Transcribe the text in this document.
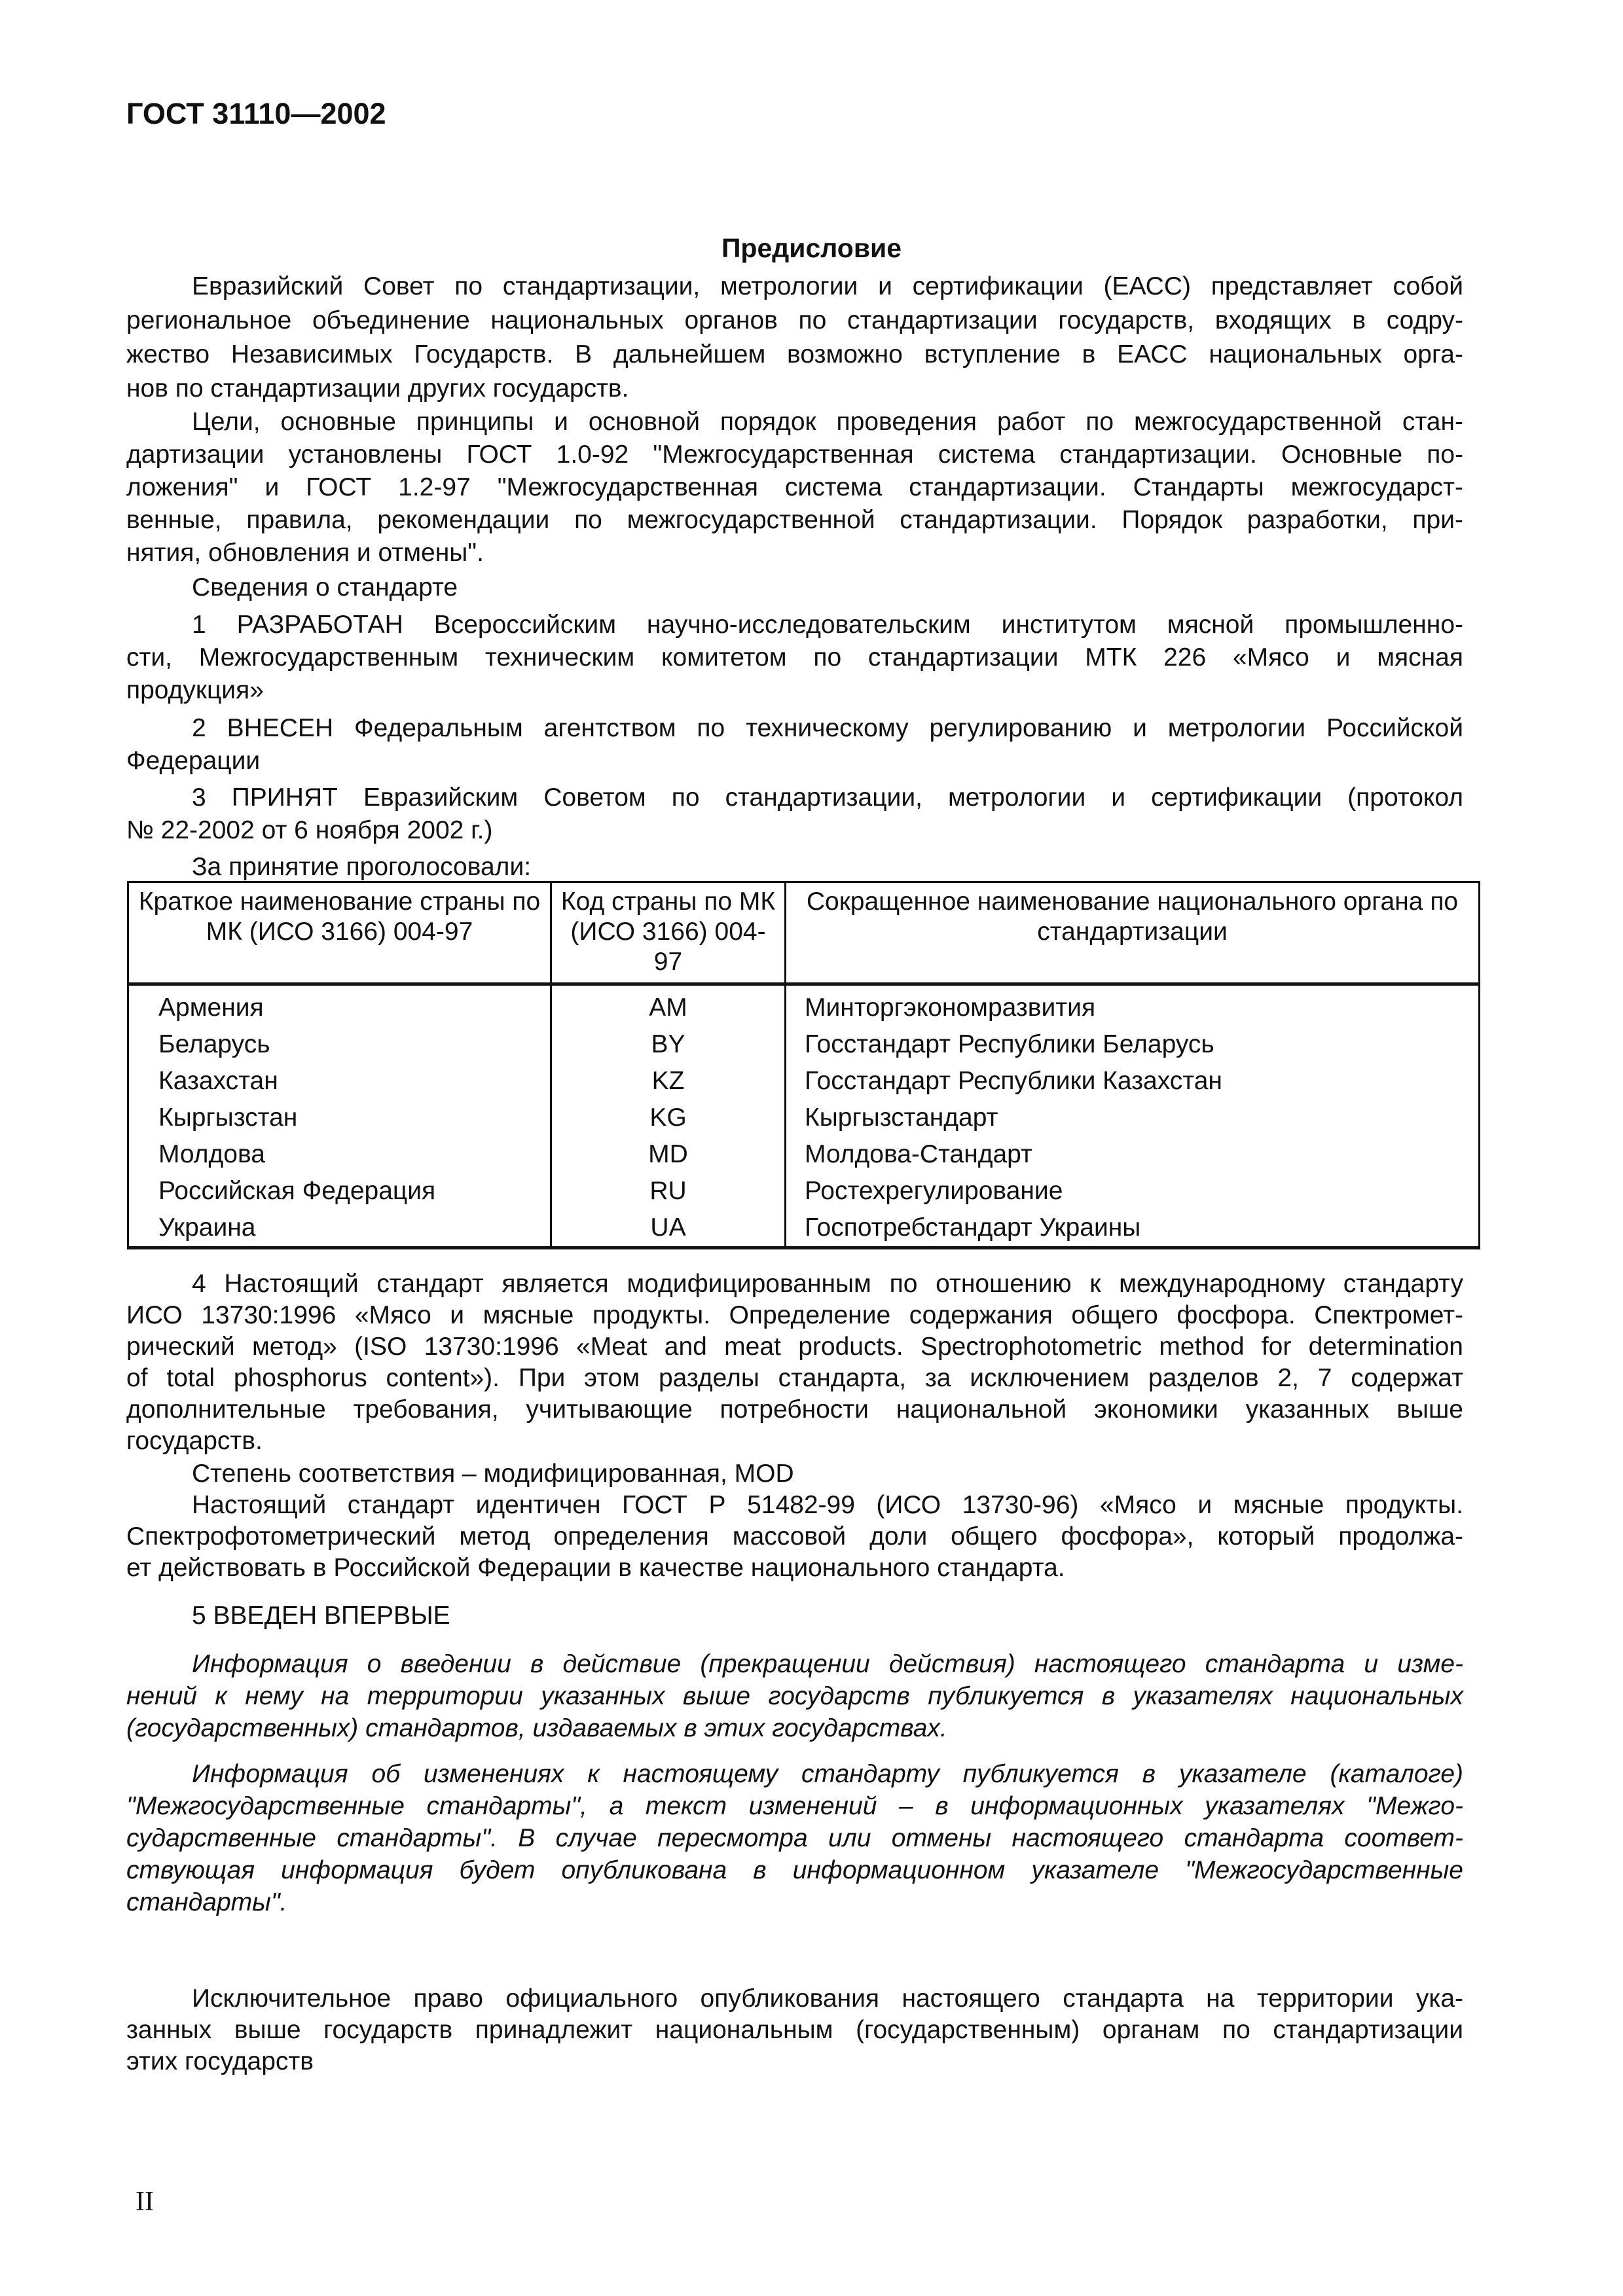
ГОСТ 31110—2002
Предисловие
Евразийский Совет по стандартизации, метрологии и сертификации (ЕАСС) представляет собой
региональное объединение национальных органов по стандартизации государств, входящих в содру-
жество Независимых Государств. В дальнейшем возможно вступление в ЕАСС национальных орга-
нов по стандартизации других государств.
Цели, основные принципы и основной порядок проведения работ по межгосударственной стан-
дартизации установлены ГОСТ 1.0-92 "Межгосударственная система стандартизации. Основные по-
ложения" и ГОСТ 1.2-97 "Межгосударственная система стандартизации. Стандарты межгосударст-
венные, правила, рекомендации по межгосударственной стандартизации. Порядок разработки, при-
нятия, обновления и отмены".
Сведения о стандарте
1 РАЗРАБОТАН Всероссийским научно-исследовательским институтом мясной промышленно-
сти, Межгосударственным техническим комитетом по стандартизации МТК 226 «Мясо и мясная
продукция»
2 ВНЕСЕН Федеральным агентством по техническому регулированию и метрологии Российской
Федерации
3 ПРИНЯТ Евразийским Советом по стандартизации, метрологии и сертификации (протокол
№ 22-2002 от 6 ноября 2002 г.)
За принятие проголосовали:
Краткое наименование страны по МК (ИСО 3166) 004-97	Код страны по МК (ИСО 3166) 004-97	Сокращенное наименование национального органа по стандартизации
Армения	AM	Минторгэкономразвития
Беларусь	BY	Госстандарт Республики Беларусь
Казахстан	KZ	Госстандарт Республики Казахстан
Кыргызстан	KG	Кыргызстандарт
Молдова	MD	Молдова-Стандарт
Российская Федерация	RU	Ростехрегулирование
Украина	UA	Госпотребстандарт Украины
4 Настоящий стандарт является модифицированным по отношению к международному стандарту
ИСО 13730:1996 «Мясо и мясные продукты. Определение содержания общего фосфора. Спектромет-
рический метод» (ISO 13730:1996 «Meat and meat products. Spectrophotometric method for determination
of total phosphorus content»). При этом разделы стандарта, за исключением разделов 2, 7 содержат
дополнительные требования, учитывающие потребности национальной экономики указанных выше
государств.
Степень соответствия – модифицированная, MOD
Настоящий стандарт идентичен ГОСТ Р 51482-99 (ИСО 13730-96) «Мясо и мясные продукты.
Спектрофотометрический метод определения массовой доли общего фосфора», который продолжа-
ет действовать в Российской Федерации в качестве национального стандарта.
5 ВВЕДЕН ВПЕРВЫЕ
Информация о введении в действие (прекращении действия) настоящего стандарта и изме-
нений к нему на территории указанных выше государств публикуется в указателях национальных
(государственных) стандартов, издаваемых в этих государствах.
Информация об изменениях к настоящему стандарту публикуется в указателе (каталоге)
"Межгосударственные стандарты", а текст изменений – в информационных указателях "Межго-
сударственные стандарты". В случае пересмотра или отмены настоящего стандарта соответ-
ствующая информация будет опубликована в информационном указателе "Межгосударственные
стандарты".
Исключительное право официального опубликования настоящего стандарта на территории ука-
занных выше государств принадлежит национальным (государственным) органам по стандартизации
этих государств
II
